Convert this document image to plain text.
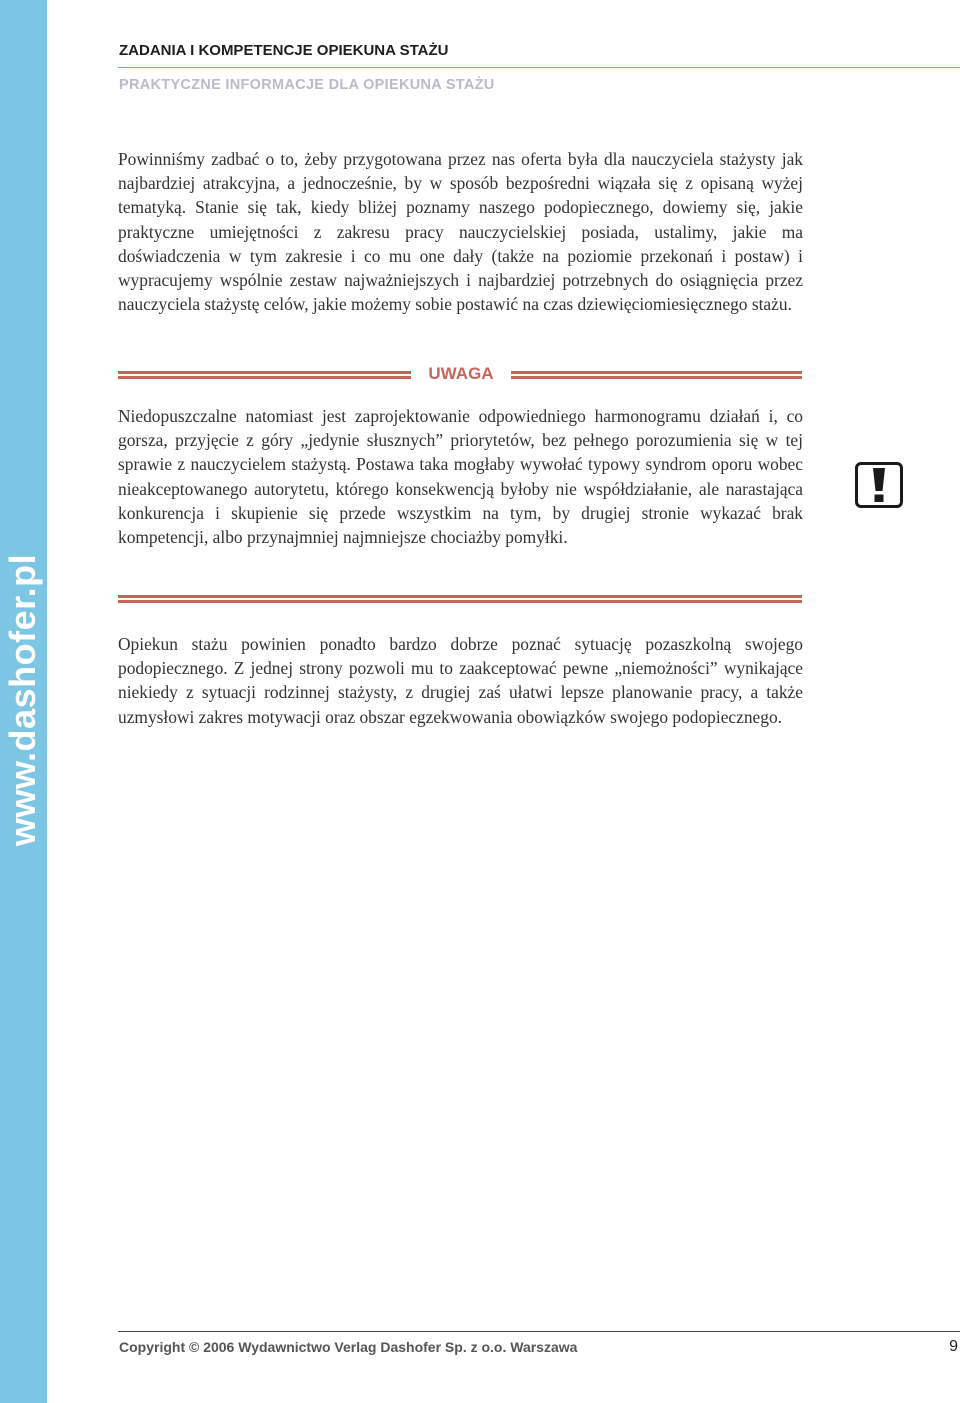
www.dashofer.pl
ZADANIA I KOMPETENCJE OPIEKUNA STAŻU
PRAKTYCZNE INFORMACJE DLA OPIEKUNA STAŻU

Powinniśmy zadbać o to, żeby przygotowana przez nas oferta była dla nauczyciela stażysty jak najbardziej atrakcyjna, a jednocześnie, by w sposób bezpośredni wiązała się z opisaną wyżej tematyką. Stanie się tak, kiedy bliżej poznamy naszego podopiecznego, dowiemy się, jakie praktyczne umiejętności z zakresu pracy nauczycielskiej posiada, ustalimy, jakie ma doświadczenia w tym zakresie i co mu one dały (także na poziomie przekonań i postaw) i wypracujemy wspólnie zestaw najważniejszych i najbardziej potrzebnych do osiągnięcia przez nauczyciela stażystę celów, jakie możemy sobie postawić na czas dziewięciomiesięcznego stażu.

UWAGA

Niedopuszczalne natomiast jest zaprojektowanie odpowiedniego harmonogramu działań i, co gorsza, przyjęcie z góry „jedynie słusznych” priorytetów, bez pełnego porozumienia się w tej sprawie z nauczycielem stażystą. Postawa taka mogłaby wywołać typowy syndrom oporu wobec nieakceptowanego autorytetu, którego konsekwencją byłoby nie współdziałanie, ale narastająca konkurencja i skupienie się przede wszystkim na tym, by drugiej stronie wykazać brak kompetencji, albo przynajmniej najmniejsze chociażby pomyłki.

Opiekun stażu powinien ponadto bardzo dobrze poznać sytuację pozaszkolną swojego podopiecznego. Z jednej strony pozwoli mu to zaakceptować pewne „niemożności” wynikające niekiedy z sytuacji rodzinnej stażysty, z drugiej zaś ułatwi lepsze planowanie pracy, a także uzmysłowi zakres motywacji oraz obszar egzekwowania obowiązków swojego podopiecznego.

Copyright © 2006 Wydawnictwo Verlag Dashofer Sp. z o.o. Warszawa	9
